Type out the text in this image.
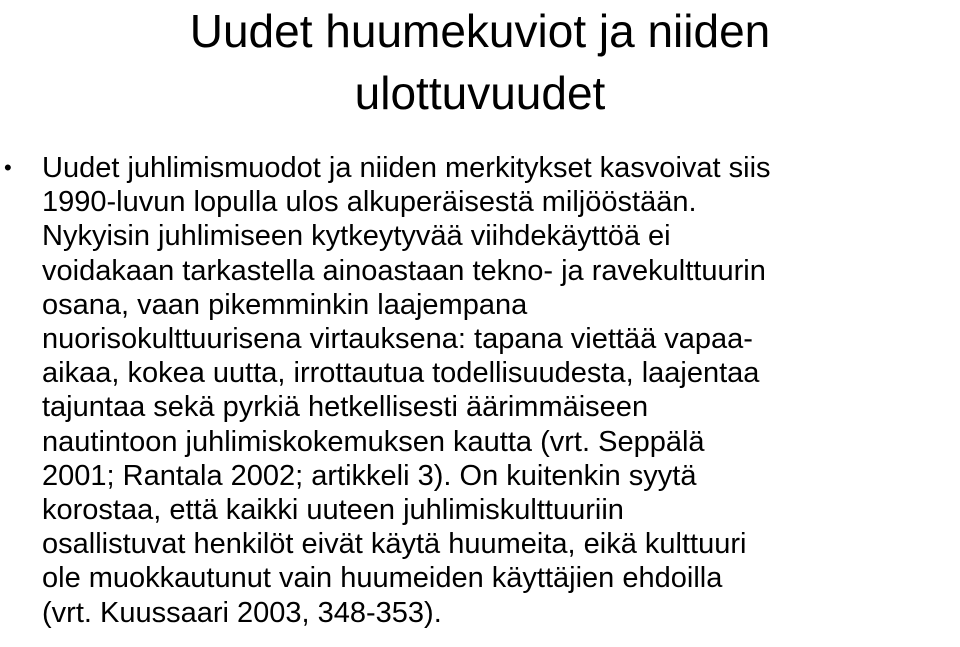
Uudet huumekuviot ja niiden
ulottuvuudet
• Uudet juhlimismuodot ja niiden merkitykset kasvoivat siis
1990-luvun lopulla ulos alkuperäisestä miljööstään.
Nykyisin juhlimiseen kytkeytyvää viihdekäyttöä ei
voidakaan tarkastella ainoastaan tekno- ja ravekulttuurin
osana, vaan pikemminkin laajempana
nuorisokulttuurisena virtauksena: tapana viettää vapaa-
aikaa, kokea uutta, irrottautua todellisuudesta, laajentaa
tajuntaa sekä pyrkiä hetkellisesti äärimmäiseen
nautintoon juhlimiskokemuksen kautta (vrt. Seppälä
2001; Rantala 2002; artikkeli 3). On kuitenkin syytä
korostaa, että kaikki uuteen juhlimiskulttuuriin
osallistuvat henkilöt eivät käytä huumeita, eikä kulttuuri
ole muokkautunut vain huumeiden käyttäjien ehdoilla
(vrt. Kuussaari 2003, 348-353).
